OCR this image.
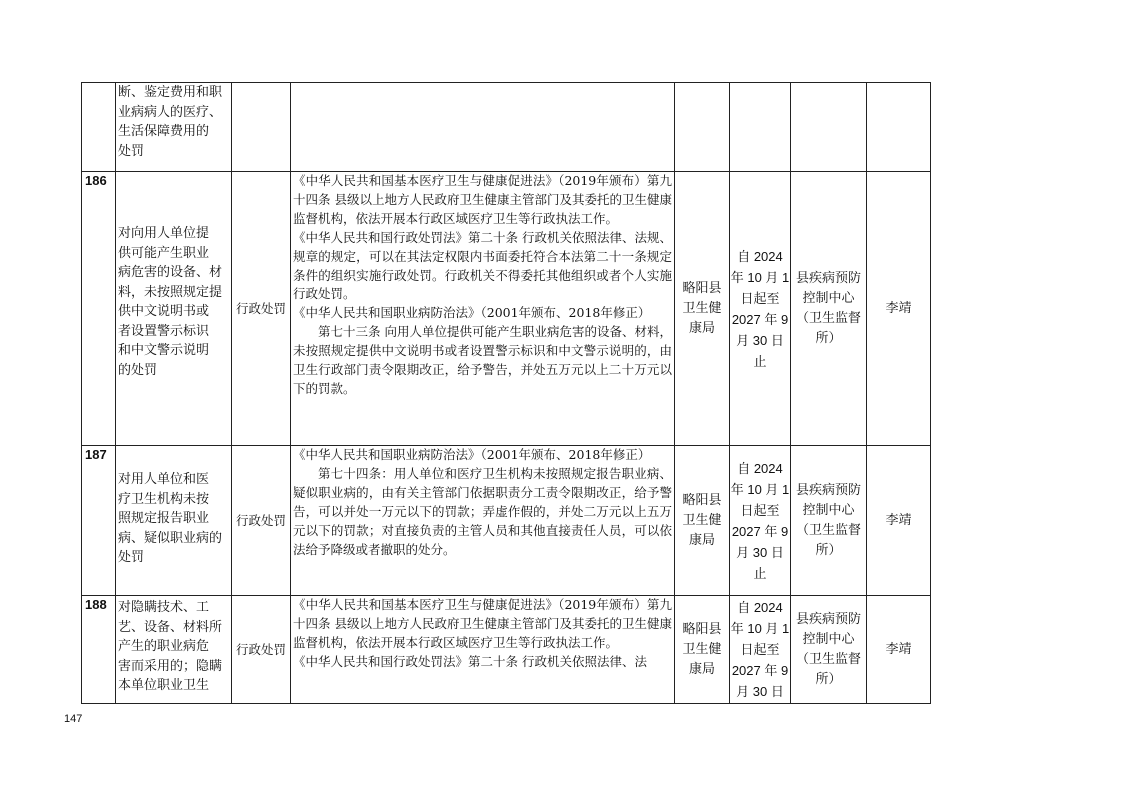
断、鉴定费用和职
业病病人的医疗、
生活保障费用的
处罚
186
对向用人单位提
供可能产生职业
病危害的设备、材
料，未按照规定提
供中文说明书或
者设置警示标识
和中文警示说明
的处罚
行政处罚

《中华人民共和国基本医疗卫生与健康促进法》（2019年颁布）第九十四条 县级以上地方人民政府卫生健康主管部门及其委托的卫生健康监督机构，依法开展本行政区域医疗卫生等行政执法工作。

《中华人民共和国行政处罚法》第二十条 行政机关依照法律、法规、规章的规定，可以在其法定权限内书面委托符合本法第二十一条规定条件的组织实施行政处罚。行政机关不得委托其他组织或者个人实施行政处罚。

《中华人民共和国职业病防治法》（2001年颁布、2018年修正）

第七十三条 向用人单位提供可能产生职业病危害的设备、材料，未按照规定提供中文说明书或者设置警示标识和中文警示说明的，由卫生行政部门责令限期改正，给予警告，并处五万元以上二十万元以下的罚款。

略阳县
卫生健
康局
自 2024
年 10 月 1
日起至
2027 年 9
月 30 日
止
县疾病预防
控制中心
（卫生监督
所）
李靖
187
对用人单位和医
疗卫生机构未按
照规定报告职业
病、疑似职业病的
处罚
行政处罚

《中华人民共和国职业病防治法》（2001年颁布、2018年修正）

第七十四条：用人单位和医疗卫生机构未按照规定报告职业病、疑似职业病的，由有关主管部门依据职责分工责令限期改正，给予警告，可以并处一万元以下的罚款；弄虚作假的，并处二万元以上五万元以下的罚款；对直接负责的主管人员和其他直接责任人员，可以依法给予降级或者撤职的处分。

略阳县
卫生健
康局
自 2024
年 10 月 1
日起至
2027 年 9
月 30 日
止
县疾病预防
控制中心
（卫生监督
所）
李靖
188 对隐瞒技术、工
艺、设备、材料所
产生的职业病危
害而采用的；隐瞒
本单位职业卫生
行政处罚

《中华人民共和国基本医疗卫生与健康促进法》（2019年颁布）第九十四条 县级以上地方人民政府卫生健康主管部门及其委托的卫生健康监督机构，依法开展本行政区域医疗卫生等行政执法工作。

《中华人民共和国行政处罚法》第二十条 行政机关依照法律、法

略阳县
卫生健
康局
自 2024
年 10 月 1
日起至
2027 年 9
月 30 日
县疾病预防
控制中心
（卫生监督
所）
李靖
147
